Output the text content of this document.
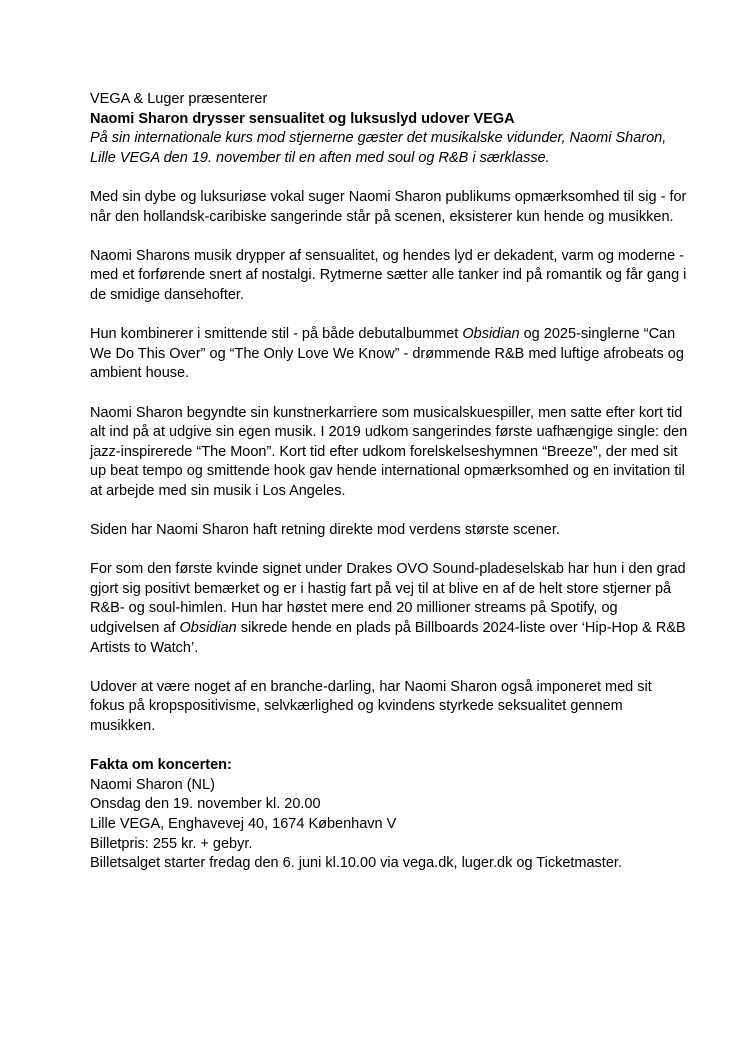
VEGA & Luger præsenterer

Naomi Sharon drysser sensualitet og luksuslyd udover VEGA

På sin internationale kurs mod stjernerne gæster det musikalske vidunder, Naomi Sharon, Lille VEGA den 19. november til en aften med soul og R&B i særklasse.

Med sin dybe og luksuriøse vokal suger Naomi Sharon publikums opmærksomhed til sig - for når den hollandsk-caribiske sangerinde står på scenen, eksisterer kun hende og musikken.

Naomi Sharons musik drypper af sensualitet, og hendes lyd er dekadent, varm og moderne - med et forførende snert af nostalgi. Rytmerne sætter alle tanker ind på romantik og får gang i de smidige dansehofter.

Hun kombinerer i smittende stil - på både debutalbummet Obsidian og 2025-singlerne “Can We Do This Over” og “The Only Love We Know” - drømmende R&B med luftige afrobeats og ambient house.

Naomi Sharon begyndte sin kunstnerkarriere som musicalskuespiller, men satte efter kort tid alt ind på at udgive sin egen musik. I 2019 udkom sangerindes første uafhængige single: den jazz-inspirerede “The Moon”. Kort tid efter udkom forelskelseshymnen “Breeze”, der med sit up beat tempo og smittende hook gav hende international opmærksomhed og en invitation til at arbejde med sin musik i Los Angeles.

Siden har Naomi Sharon haft retning direkte mod verdens største scener.

For som den første kvinde signet under Drakes OVO Sound-pladeselskab har hun i den grad gjort sig positivt bemærket og er i hastig fart på vej til at blive en af de helt store stjerner på R&B- og soul-himlen. Hun har høstet mere end 20 millioner streams på Spotify, og udgivelsen af Obsidian sikrede hende en plads på Billboards 2024-liste over ‘Hip-Hop & R&B Artists to Watch’.

Udover at være noget af en branche-darling, har Naomi Sharon også imponeret med sit fokus på kropspositivisme, selvkærlighed og kvindens styrkede seksualitet gennem musikken.

Fakta om koncerten:
Naomi Sharon (NL)
Onsdag den 19. november kl. 20.00
Lille VEGA, Enghavevej 40, 1674 København V
Billetpris: 255 kr. + gebyr.
Billetsalget starter fredag den 6. juni kl.10.00 via vega.dk, luger.dk og Ticketmaster.
